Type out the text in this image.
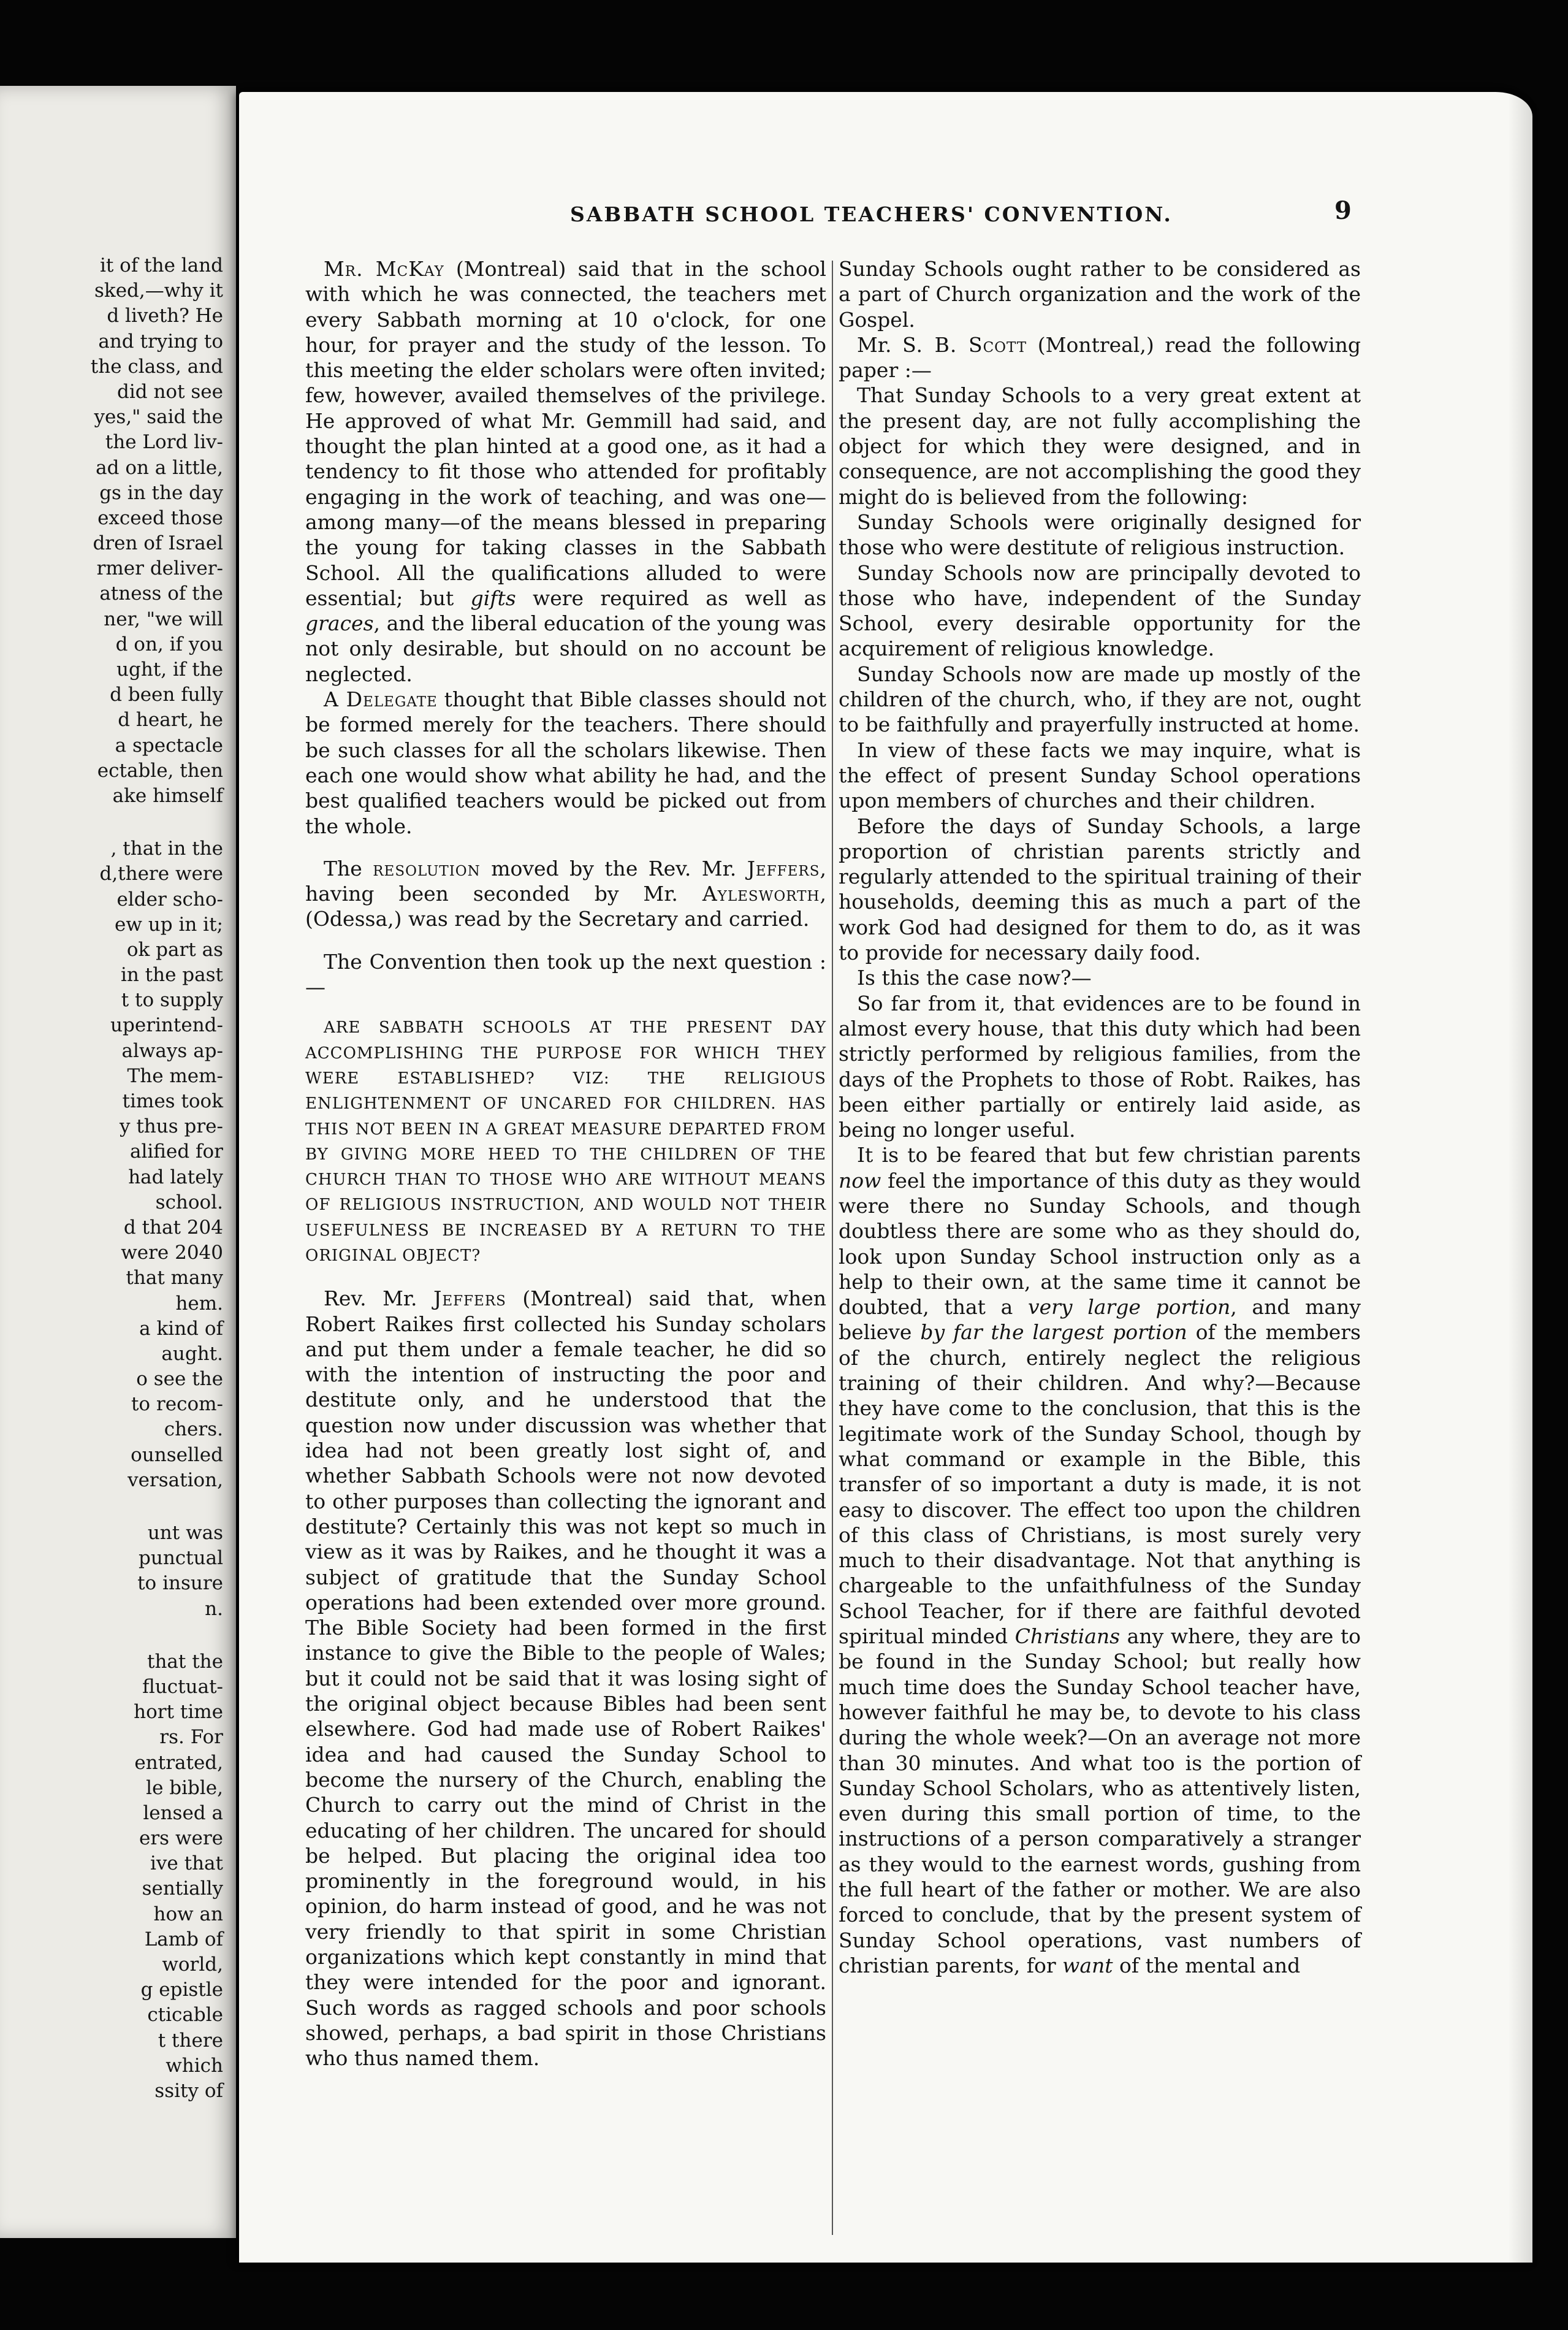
it of the land
sked,—why it
d liveth? He
and trying to
the class, and
did not see
yes," said the
the Lord liv-
ad on a little,
gs in the day
exceed those
dren of Israel
rmer deliver-
atness of the
ner, "we will
d on, if you
ught, if the
d been fully
d heart, he
a spectacle
ectable, then
ake himself
, that in the
d,there were
elder scho-
ew up in it;
ok part as
in the past
t to supply
uperintend-
always ap-
The mem-
times took
y thus pre-
alified for
had lately
school.
d that 204
were 2040
that many
hem.
a kind of
aught.
o see the
to recom-
chers.
ounselled
versation,
unt was
punctual
to insure
n.
that the
fluctuat-
hort time
rs. For
entrated,
le bible,
lensed a
ers were
ive that
sentially
how an
Lamb of
world,
g epistle
cticable
t there
which
ssity of
SABBATH SCHOOL TEACHERS' CONVENTION.	9

Mr. McKay (Montreal) said that in the school with which he was connected, the teachers met every Sabbath morning at 10 o'clock, for one hour, for prayer and the study of the lesson. To this meeting the elder scholars were often invited; few, however, availed themselves of the privilege. He approved of what Mr. Gemmill had said, and thought the plan hinted at a good one, as it had a tendency to fit those who attended for profitably engaging in the work of teaching, and was one—among many—of the means blessed in preparing the young for taking classes in the Sabbath School. All the qualifications alluded to were essential; but gifts were required as well as graces, and the liberal education of the young was not only desirable, but should on no account be neglected.

A Delegate thought that Bible classes should not be formed merely for the teachers. There should be such classes for all the scholars likewise. Then each one would show what ability he had, and the best qualified teachers would be picked out from the whole.

The resolution moved by the Rev. Mr. Jeffers, having been seconded by Mr. Aylesworth, (Odessa,) was read by the Secretary and carried.

The Convention then took up the next question :—

ARE SABBATH SCHOOLS AT THE PRESENT DAY ACCOMPLISHING THE PURPOSE FOR WHICH THEY WERE ESTABLISHED? VIZ: THE RELIGIOUS ENLIGHTENMENT OF UNCARED FOR CHILDREN. HAS THIS NOT BEEN IN A GREAT MEASURE DEPARTED FROM BY GIVING MORE HEED TO THE CHILDREN OF THE CHURCH THAN TO THOSE WHO ARE WITHOUT MEANS OF RELIGIOUS INSTRUCTION, AND WOULD NOT THEIR USEFULNESS BE INCREASED BY A RETURN TO THE ORIGINAL OBJECT?

Rev. Mr. Jeffers (Montreal) said that, when Robert Raikes first collected his Sunday scholars and put them under a female teacher, he did so with the intention of instructing the poor and destitute only, and he understood that the question now under discussion was whether that idea had not been greatly lost sight of, and whether Sabbath Schools were not now devoted to other purposes than collecting the ignorant and destitute? Certainly this was not kept so much in view as it was by Raikes, and he thought it was a subject of gratitude that the Sunday School operations had been extended over more ground. The Bible Society had been formed in the first instance to give the Bible to the people of Wales; but it could not be said that it was losing sight of the original object because Bibles had been sent elsewhere. God had made use of Robert Raikes' idea and had caused the Sunday School to become the nursery of the Church, enabling the Church to carry out the mind of Christ in the educating of her children. The uncared for should be helped. But placing the original idea too prominently in the foreground would, in his opinion, do harm instead of good, and he was not very friendly to that spirit in some Christian organizations which kept constantly in mind that they were intended for the poor and ignorant. Such words as ragged schools and poor schools showed, perhaps, a bad spirit in those Christians who thus named them.

Sunday Schools ought rather to be considered as a part of Church organization and the work of the Gospel.

Mr. S. B. Scott (Montreal,) read the following paper :—

That Sunday Schools to a very great extent at the present day, are not fully accomplishing the object for which they were designed, and in consequence, are not accomplishing the good they might do is believed from the following:

Sunday Schools were originally designed for those who were destitute of religious instruction.

Sunday Schools now are principally devoted to those who have, independent of the Sunday School, every desirable opportunity for the acquirement of religious knowledge.

Sunday Schools now are made up mostly of the children of the church, who, if they are not, ought to be faithfully and prayerfully instructed at home.

In view of these facts we may inquire, what is the effect of present Sunday School operations upon members of churches and their children.

Before the days of Sunday Schools, a large proportion of christian parents strictly and regularly attended to the spiritual training of their households, deeming this as much a part of the work God had designed for them to do, as it was to provide for necessary daily food.

Is this the case now?—

So far from it, that evidences are to be found in almost every house, that this duty which had been strictly performed by religious families, from the days of the Prophets to those of Robt. Raikes, has been either partially or entirely laid aside, as being no longer useful.

It is to be feared that but few christian parents now feel the importance of this duty as they would were there no Sunday Schools, and though doubtless there are some who as they should do, look upon Sunday School instruction only as a help to their own, at the same time it cannot be doubted, that a very large portion, and many believe by far the largest portion of the members of the church, entirely neglect the religious training of their children. And why?—Because they have come to the conclusion, that this is the legitimate work of the Sunday School, though by what command or example in the Bible, this transfer of so important a duty is made, it is not easy to discover. The effect too upon the children of this class of Christians, is most surely very much to their disadvantage. Not that anything is chargeable to the unfaithfulness of the Sunday School Teacher, for if there are faithful devoted spiritual minded Christians any where, they are to be found in the Sunday School; but really how much time does the Sunday School teacher have, however faithful he may be, to devote to his class during the whole week?—On an average not more than 30 minutes. And what too is the portion of Sunday School Scholars, who as attentively listen, even during this small portion of time, to the instructions of a person comparatively a stranger as they would to the earnest words, gushing from the full heart of the father or mother. We are also forced to conclude, that by the present system of Sunday School operations, vast numbers of christian parents, for want of the mental and
